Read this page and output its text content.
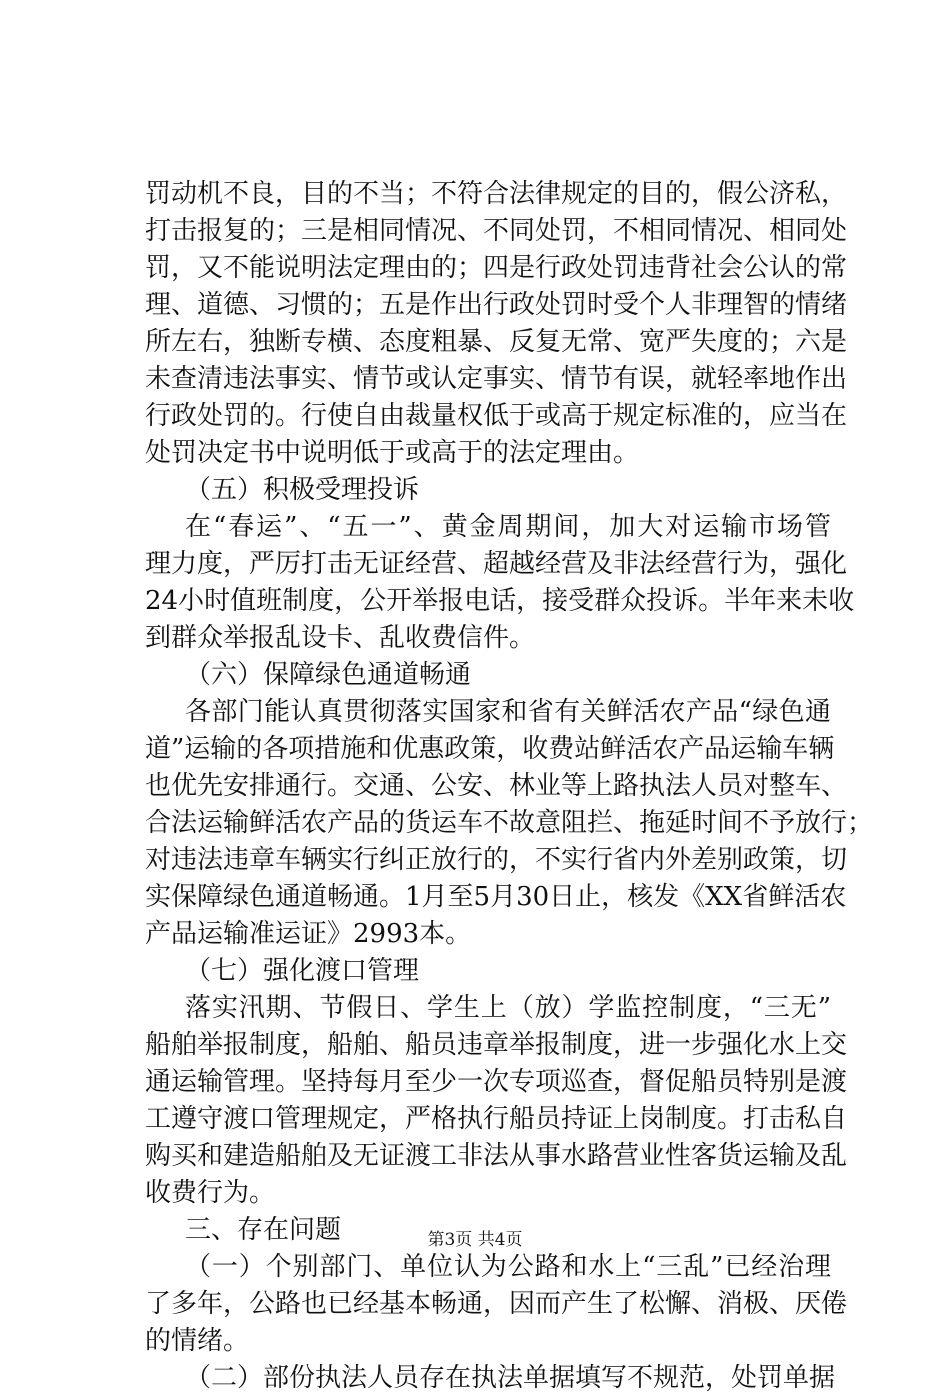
罚动机不良，目的不当；不符合法律规定的目的，假公济私，
打击报复的；三是相同情况、不同处罚，不相同情况、相同处
罚，又不能说明法定理由的；四是行政处罚违背社会公认的常
理、道德、习惯的；五是作出行政处罚时受个人非理智的情绪
所左右，独断专横、态度粗暴、反复无常、宽严失度的；六是
未查清违法事实、情节或认定事实、情节有误，就轻率地作出
行政处罚的。行使自由裁量权低于或高于规定标准的，应当在
处罚决定书中说明低于或高于的法定理由。
（五）积极受理投诉
在“春运”、“五一”、黄金周期间，加大对运输市场管
理力度，严厉打击无证经营、超越经营及非法经营行为，强化
24小时值班制度，公开举报电话，接受群众投诉。半年来未收
到群众举报乱设卡、乱收费信件。
（六）保障绿色通道畅通
各部门能认真贯彻落实国家和省有关鲜活农产品“绿色通
道”运输的各项措施和优惠政策，收费站鲜活农产品运输车辆
也优先安排通行。交通、公安、林业等上路执法人员对整车、
合法运输鲜活农产品的货运车不故意阻拦、拖延时间不予放行；
对违法违章车辆实行纠正放行的，不实行省内外差别政策，切
实保障绿色通道畅通。1月至5月30日止，核发《XX省鲜活农
产品运输准运证》2993本。
（七）强化渡口管理
落实汛期、节假日、学生上（放）学监控制度，“三无”
船舶举报制度，船舶、船员违章举报制度，进一步强化水上交
通运输管理。坚持每月至少一次专项巡查，督促船员特别是渡
工遵守渡口管理规定，严格执行船员持证上岗制度。打击私自
购买和建造船舶及无证渡工非法从事水路营业性客货运输及乱
收费行为。
三、存在问题
（一）个别部门、单位认为公路和水上“三乱”已经治理
了多年，公路也已经基本畅通，因而产生了松懈、消极、厌倦
的情绪。
（二）部份执法人员存在执法单据填写不规范，处罚单据
第3页 共4页
